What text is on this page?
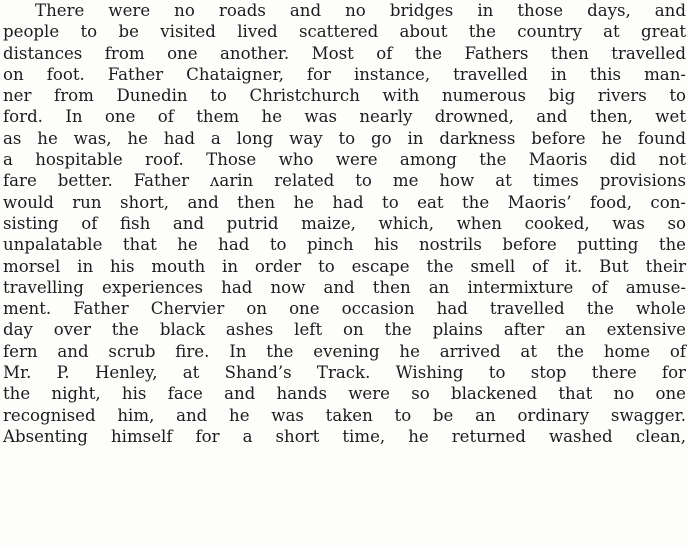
There were no roads and no bridges in those days, and
people to be visited lived scattered about the country at great
distances from one another. Most of the Fathers then travelled
on foot. Father Chataigner, for instance, travelled in this man-
ner from Dunedin to Christchurch with numerous big rivers to
ford. In one of them he was nearly drowned, and then, wet
as he was, he had a long way to go in darkness before he found
a hospitable roof. Those who were among the Maoris did not
fare better. Father ʌarin related to me how at times provisions
would run short, and then he had to eat the Maoris’ food, con-
sisting of fish and putrid maize, which, when cooked, was so
unpalatable that he had to pinch his nostrils before putting the
morsel in his mouth in order to escape the smell of it. But their
travelling experiences had now and then an intermixture of amuse-
ment. Father Chervier on one occasion had travelled the whole
day over the black ashes left on the plains after an extensive
fern and scrub fire. In the evening he arrived at the home of
Mr. P. Henley, at Shand’s Track. Wishing to stop there for
the night, his face and hands were so blackened that no one
recognised him, and he was taken to be an ordinary swagger.
Absenting himself for a short time, he returned washed clean,
